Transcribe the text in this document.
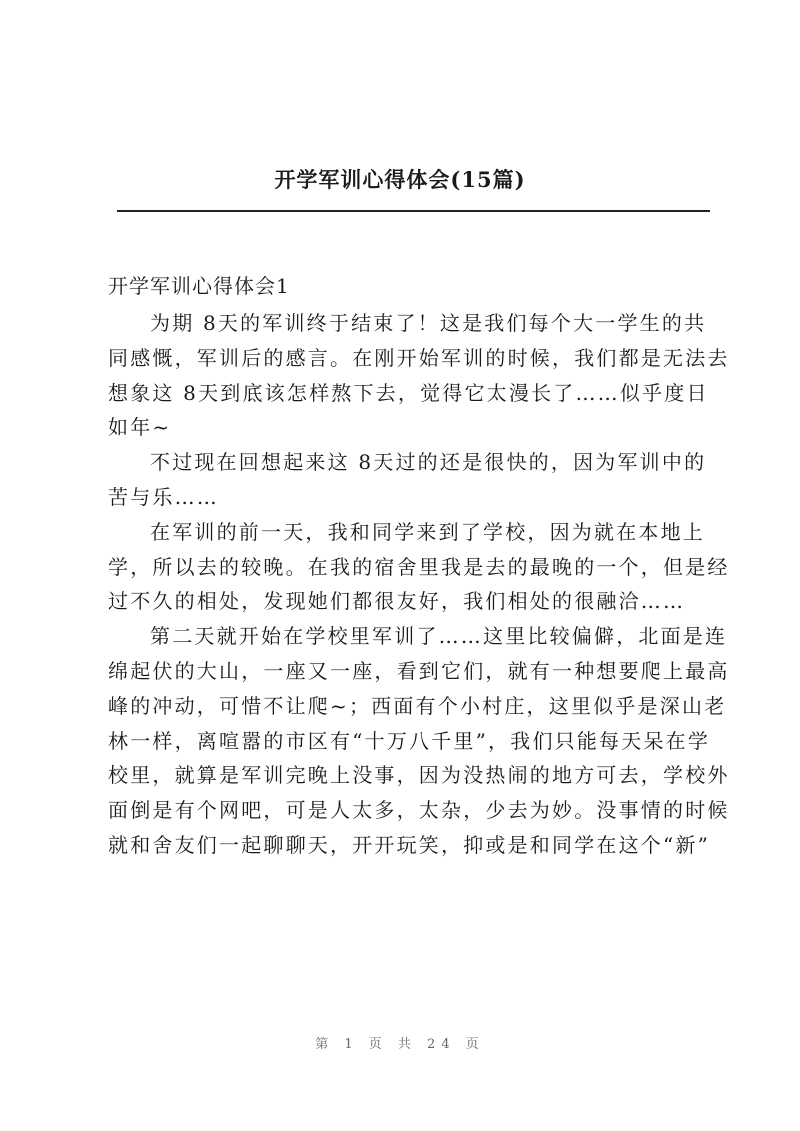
开学军训心得体会(15篇)
开学军训心得体会1

为期 8天的军训终于结束了！这是我们每个大一学生的共
同感慨，军训后的感言。在刚开始军训的时候，我们都是无法去
想象这 8天到底该怎样熬下去，觉得它太漫长了……似乎度日
如年~

不过现在回想起来这 8天过的还是很快的，因为军训中的
苦与乐……

在军训的前一天，我和同学来到了学校，因为就在本地上
学，所以去的较晚。在我的宿舍里我是去的最晚的一个，但是经
过不久的相处，发现她们都很友好，我们相处的很融洽……

第二天就开始在学校里军训了……这里比较偏僻，北面是连
绵起伏的大山，一座又一座，看到它们，就有一种想要爬上最高
峰的冲动，可惜不让爬~；西面有个小村庄，这里似乎是深山老
林一样，离喧嚣的市区有“十万八千里”，我们只能每天呆在学
校里，就算是军训完晚上没事，因为没热闹的地方可去，学校外
面倒是有个网吧，可是人太多，太杂，少去为妙。没事情的时候
就和舍友们一起聊聊天，开开玩笑，抑或是和同学在这个“新”

第 1 页 共 24 页
